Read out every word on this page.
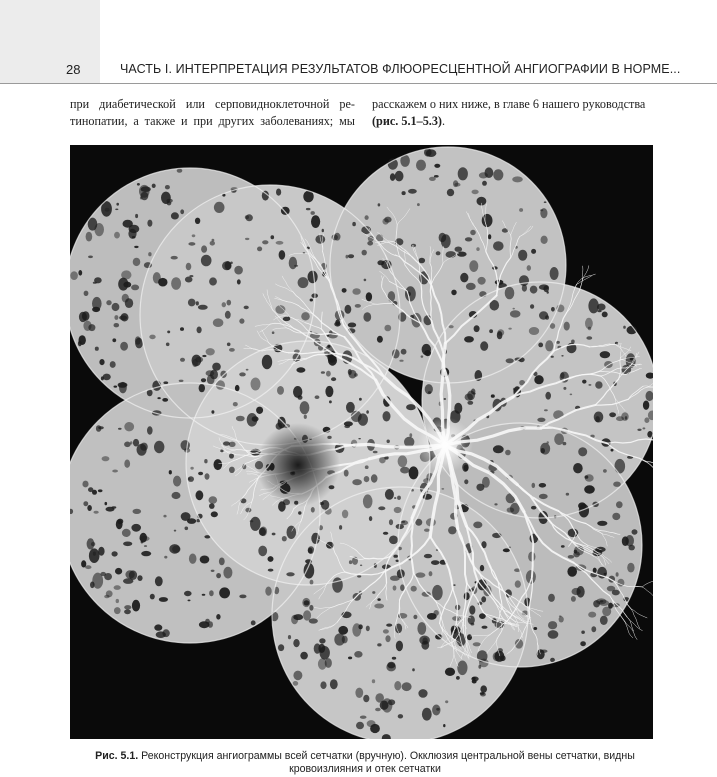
28	ЧАСТЬ I. ИНТЕРПРЕТАЦИЯ РЕЗУЛЬТАТОВ ФЛЮОРЕСЦЕНТНОЙ АНГИОГРАФИИ В НОРМЕ...
при диабетической или серповидноклеточной ре-
тинопатии, а также и при других заболеваниях; мы
расскажем о них ниже, в главе 6 нашего руководства
(рис. 5.1–5.3).
Рис. 5.1. Реконструкция ангиограммы всей сетчатки (вручную). Окклюзия центральной вены сетчатки, видны кровоизлияния и отек сетчатки
